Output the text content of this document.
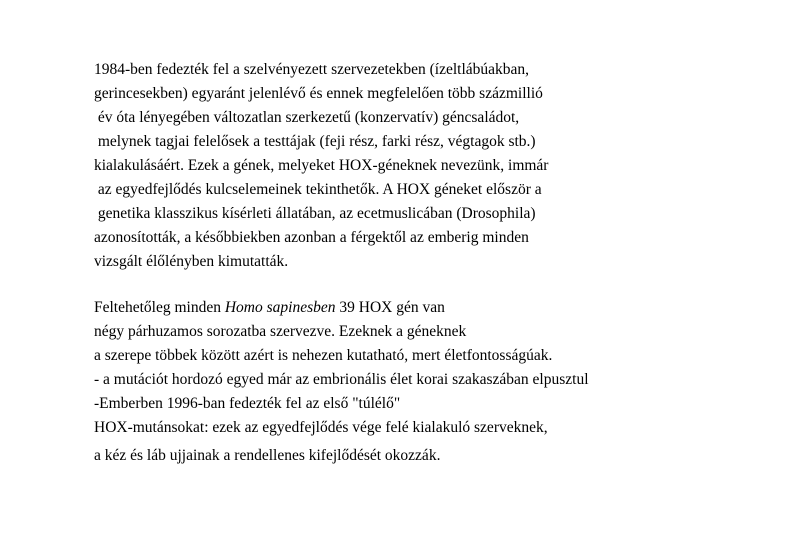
1984-ben fedezték fel a szelvényezett szervezetekben (ízeltlábúakban,
gerincesekben) egyaránt jelenlévő és ennek megfelelően több százmillió
év óta lényegében változatlan szerkezetű (konzervatív) géncsaládot,
melynek tagjai felelősek a testtájak (feji rész, farki rész, végtagok stb.)
kialakulásáért. Ezek a gének, melyeket HOX-géneknek nevezünk, immár
az egyedfejlődés kulcselemeinek tekinthetők. A HOX géneket először a
genetika klasszikus kísérleti állatában, az ecetmuslicában (Drosophila)
azonosították, a későbbiekben azonban a férgektől az emberig minden
vizsgált élőlényben kimutatták.
Feltehetőleg minden Homo sapinesben 39 HOX gén van
négy párhuzamos sorozatba szervezve. Ezeknek a géneknek
a szerepe többek között azért is nehezen kutatható, mert életfontosságúak.
- a mutációt hordozó egyed már az embrionális élet korai szakaszában elpusztul
-Emberben 1996-ban fedezték fel az első "túlélő"
HOX-mutánsokat: ezek az egyedfejlődés vége felé kialakuló szerveknek,
a kéz és láb ujjainak a rendellenes kifejlődését okozzák.
